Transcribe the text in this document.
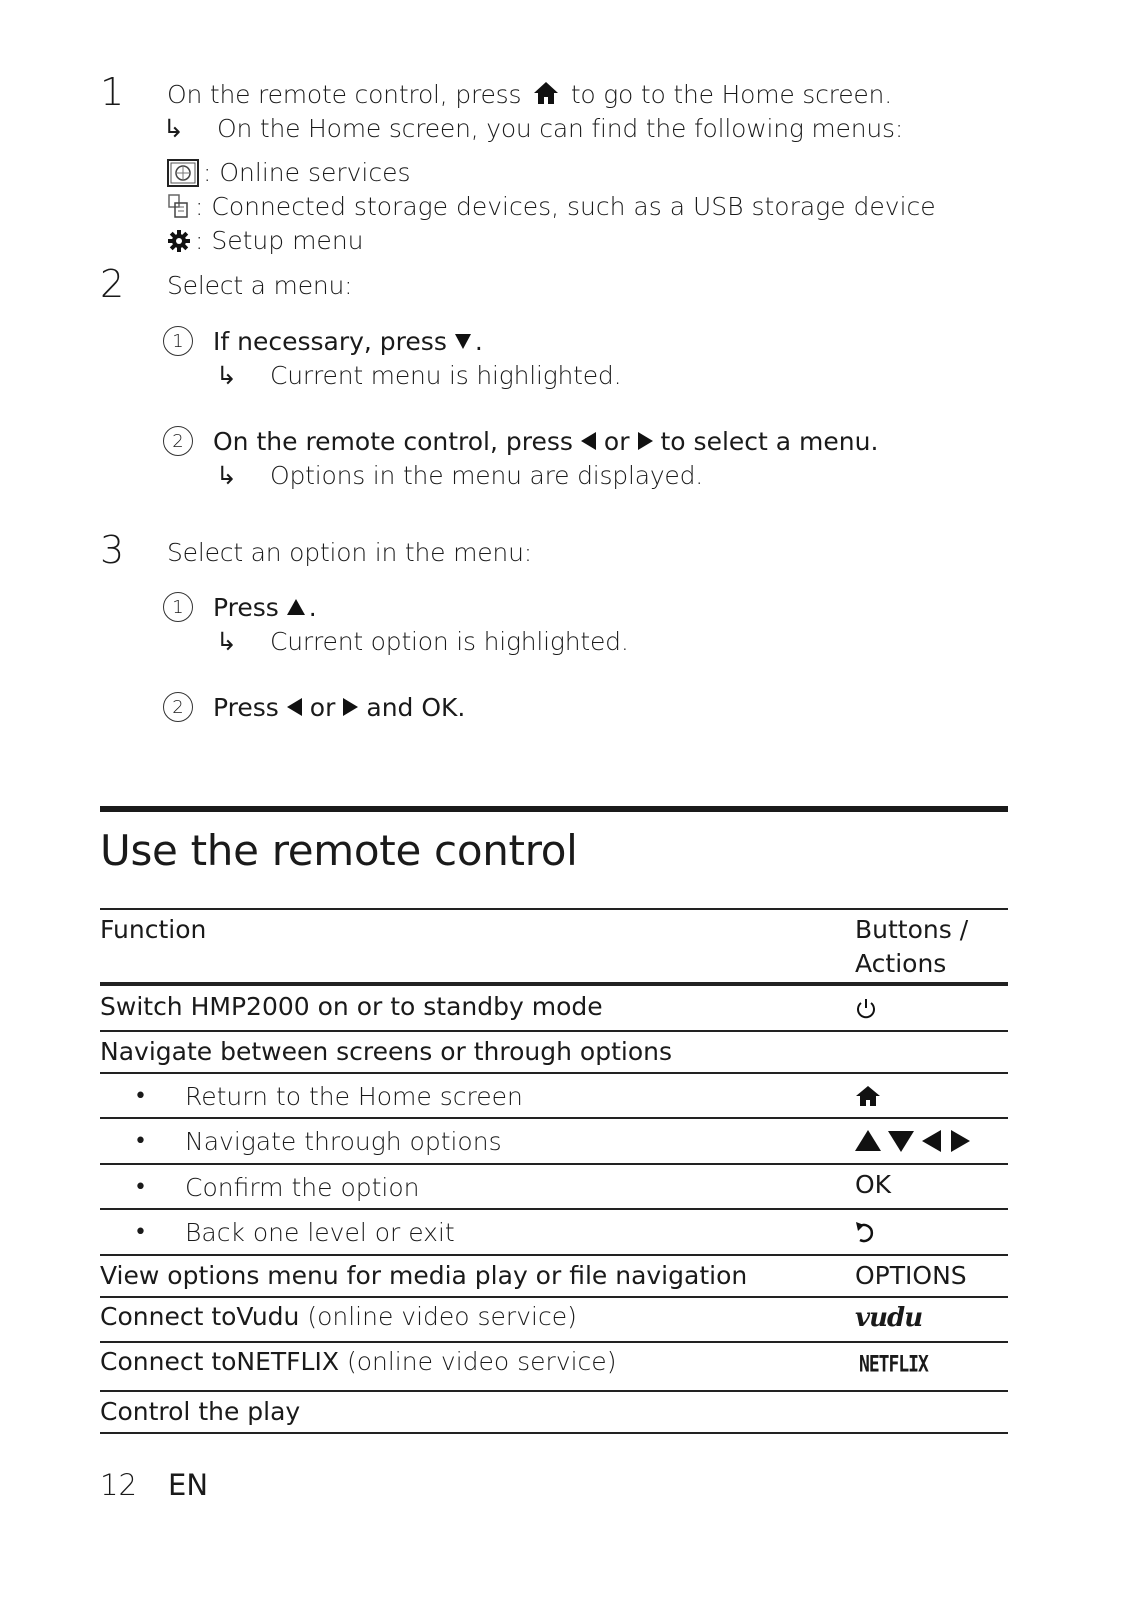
1 On the remote control, press to go to the Home screen.
↳ On the Home screen, you can find the following menus:
: Online services
: Connected storage devices, such as a USB storage device
: Setup menu
2 Select a menu:
1	If necessary, press .
↳ Current menu is highlighted.
2	On the remote control, press or to select a menu.
↳ Options in the menu are displayed.
3 Select an option in the menu:
1	Press .
↳ Current option is highlighted.
2	Press or and OK.
Use the remote control
Function	Buttons /
Actions
Switch HMP2000 on or to standby mode
Navigate between screens or through options
• Return to the Home screen
• Navigate through options
• Confirm the option	OK
• Back one level or exit
View options menu for media play or file navigation	OPTIONS
Connect toVudu (online video service)	vudu
Connect toNETFLIX (online video service)	NETFLIX
Control the play
12 EN
